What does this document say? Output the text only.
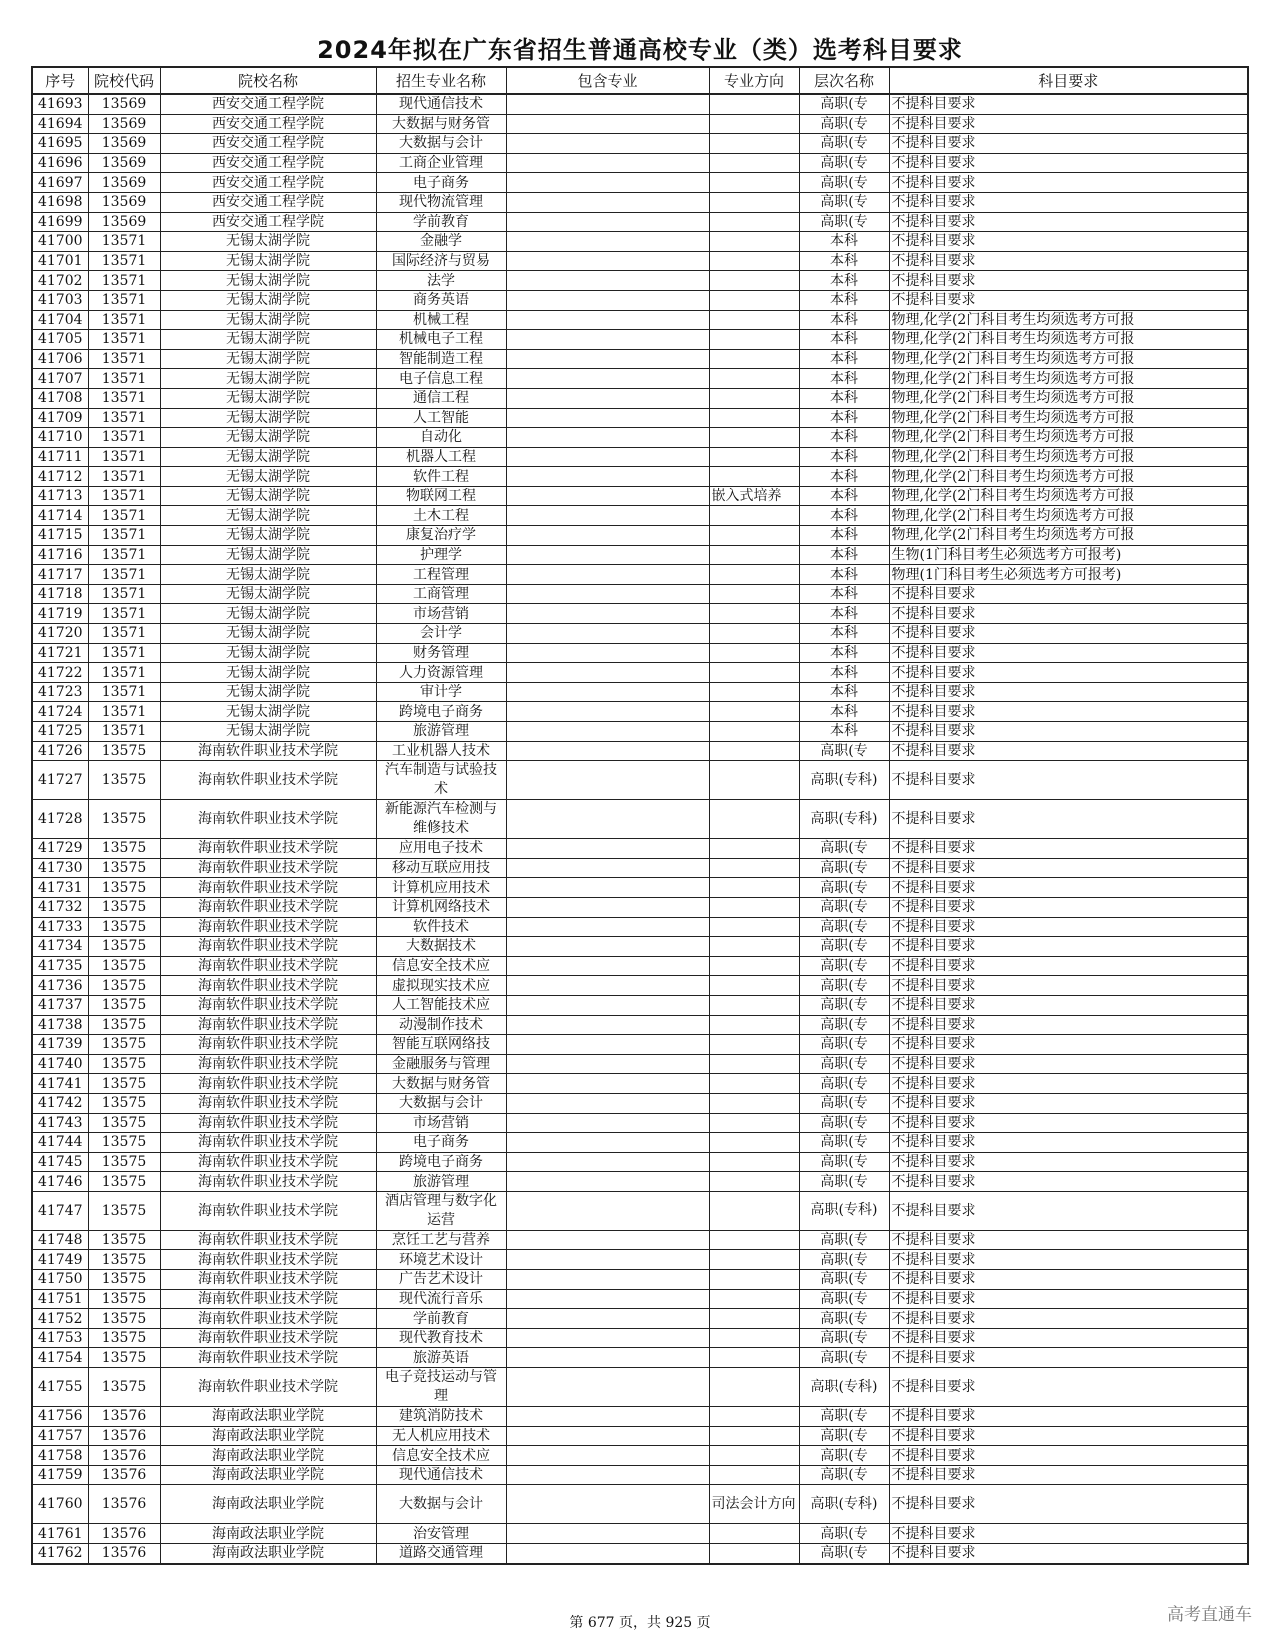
2024年拟在广东省招生普通高校专业（类）选考科目要求
序号	院校代码	院校名称	招生专业名称	包含专业	专业方向	层次名称	科目要求
41693	13569	西安交通工程学院	现代通信技术			高职(专	不提科目要求
41694	13569	西安交通工程学院	大数据与财务管			高职(专	不提科目要求
41695	13569	西安交通工程学院	大数据与会计			高职(专	不提科目要求
41696	13569	西安交通工程学院	工商企业管理			高职(专	不提科目要求
41697	13569	西安交通工程学院	电子商务			高职(专	不提科目要求
41698	13569	西安交通工程学院	现代物流管理			高职(专	不提科目要求
41699	13569	西安交通工程学院	学前教育			高职(专	不提科目要求
41700	13571	无锡太湖学院	金融学			本科	不提科目要求
41701	13571	无锡太湖学院	国际经济与贸易			本科	不提科目要求
41702	13571	无锡太湖学院	法学			本科	不提科目要求
41703	13571	无锡太湖学院	商务英语			本科	不提科目要求
41704	13571	无锡太湖学院	机械工程			本科	物理,化学(2门科目考生均须选考方可报
41705	13571	无锡太湖学院	机械电子工程			本科	物理,化学(2门科目考生均须选考方可报
41706	13571	无锡太湖学院	智能制造工程			本科	物理,化学(2门科目考生均须选考方可报
41707	13571	无锡太湖学院	电子信息工程			本科	物理,化学(2门科目考生均须选考方可报
41708	13571	无锡太湖学院	通信工程			本科	物理,化学(2门科目考生均须选考方可报
41709	13571	无锡太湖学院	人工智能			本科	物理,化学(2门科目考生均须选考方可报
41710	13571	无锡太湖学院	自动化			本科	物理,化学(2门科目考生均须选考方可报
41711	13571	无锡太湖学院	机器人工程			本科	物理,化学(2门科目考生均须选考方可报
41712	13571	无锡太湖学院	软件工程			本科	物理,化学(2门科目考生均须选考方可报
41713	13571	无锡太湖学院	物联网工程		嵌入式培养	本科	物理,化学(2门科目考生均须选考方可报
41714	13571	无锡太湖学院	土木工程			本科	物理,化学(2门科目考生均须选考方可报
41715	13571	无锡太湖学院	康复治疗学			本科	物理,化学(2门科目考生均须选考方可报
41716	13571	无锡太湖学院	护理学			本科	生物(1门科目考生必须选考方可报考)
41717	13571	无锡太湖学院	工程管理			本科	物理(1门科目考生必须选考方可报考)
41718	13571	无锡太湖学院	工商管理			本科	不提科目要求
41719	13571	无锡太湖学院	市场营销			本科	不提科目要求
41720	13571	无锡太湖学院	会计学			本科	不提科目要求
41721	13571	无锡太湖学院	财务管理			本科	不提科目要求
41722	13571	无锡太湖学院	人力资源管理			本科	不提科目要求
41723	13571	无锡太湖学院	审计学			本科	不提科目要求
41724	13571	无锡太湖学院	跨境电子商务			本科	不提科目要求
41725	13571	无锡太湖学院	旅游管理			本科	不提科目要求
41726	13575	海南软件职业技术学院	工业机器人技术			高职(专	不提科目要求
41727	13575	海南软件职业技术学院	汽车制造与试验技术			高职(专科)	不提科目要求
41728	13575	海南软件职业技术学院	新能源汽车检测与维修技术			高职(专科)	不提科目要求
41729	13575	海南软件职业技术学院	应用电子技术			高职(专	不提科目要求
41730	13575	海南软件职业技术学院	移动互联应用技			高职(专	不提科目要求
41731	13575	海南软件职业技术学院	计算机应用技术			高职(专	不提科目要求
41732	13575	海南软件职业技术学院	计算机网络技术			高职(专	不提科目要求
41733	13575	海南软件职业技术学院	软件技术			高职(专	不提科目要求
41734	13575	海南软件职业技术学院	大数据技术			高职(专	不提科目要求
41735	13575	海南软件职业技术学院	信息安全技术应			高职(专	不提科目要求
41736	13575	海南软件职业技术学院	虚拟现实技术应			高职(专	不提科目要求
41737	13575	海南软件职业技术学院	人工智能技术应			高职(专	不提科目要求
41738	13575	海南软件职业技术学院	动漫制作技术			高职(专	不提科目要求
41739	13575	海南软件职业技术学院	智能互联网络技			高职(专	不提科目要求
41740	13575	海南软件职业技术学院	金融服务与管理			高职(专	不提科目要求
41741	13575	海南软件职业技术学院	大数据与财务管			高职(专	不提科目要求
41742	13575	海南软件职业技术学院	大数据与会计			高职(专	不提科目要求
41743	13575	海南软件职业技术学院	市场营销			高职(专	不提科目要求
41744	13575	海南软件职业技术学院	电子商务			高职(专	不提科目要求
41745	13575	海南软件职业技术学院	跨境电子商务			高职(专	不提科目要求
41746	13575	海南软件职业技术学院	旅游管理			高职(专	不提科目要求
41747	13575	海南软件职业技术学院	酒店管理与数字化运营			高职(专科)	不提科目要求
41748	13575	海南软件职业技术学院	烹饪工艺与营养			高职(专	不提科目要求
41749	13575	海南软件职业技术学院	环境艺术设计			高职(专	不提科目要求
41750	13575	海南软件职业技术学院	广告艺术设计			高职(专	不提科目要求
41751	13575	海南软件职业技术学院	现代流行音乐			高职(专	不提科目要求
41752	13575	海南软件职业技术学院	学前教育			高职(专	不提科目要求
41753	13575	海南软件职业技术学院	现代教育技术			高职(专	不提科目要求
41754	13575	海南软件职业技术学院	旅游英语			高职(专	不提科目要求
41755	13575	海南软件职业技术学院	电子竞技运动与管理			高职(专科)	不提科目要求
41756	13576	海南政法职业学院	建筑消防技术			高职(专	不提科目要求
41757	13576	海南政法职业学院	无人机应用技术			高职(专	不提科目要求
41758	13576	海南政法职业学院	信息安全技术应			高职(专	不提科目要求
41759	13576	海南政法职业学院	现代通信技术			高职(专	不提科目要求
41760	13576	海南政法职业学院	大数据与会计		司法会计方向	高职(专科)	不提科目要求
41761	13576	海南政法职业学院	治安管理			高职(专	不提科目要求
41762	13576	海南政法职业学院	道路交通管理			高职(专	不提科目要求
第 677 页，共 925 页	高考直通车
